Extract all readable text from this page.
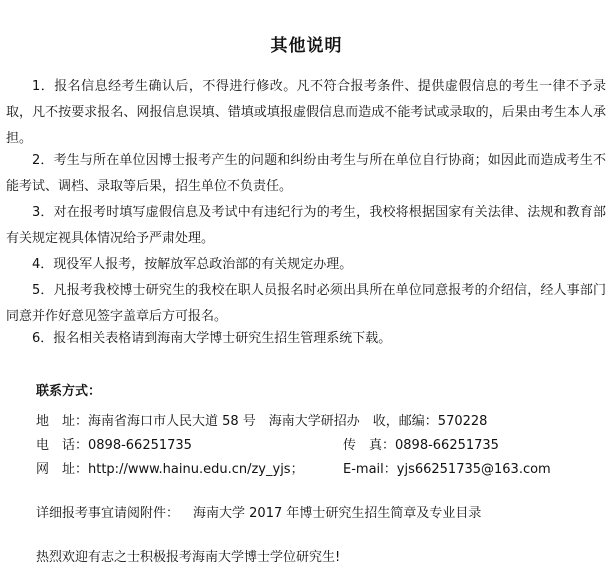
其他说明

1．报名信息经考生确认后，不得进行修改。凡不符合报考条件、提供虚假信息的考生一律不予录取，凡不按要求报名、网报信息误填、错填或填报虚假信息而造成不能考试或录取的，后果由考生本人承担。

2．考生与所在单位因博士报考产生的问题和纠纷由考生与所在单位自行协商；如因此而造成考生不能考试、调档、录取等后果，招生单位不负责任。

3．对在报考时填写虚假信息及考试中有违纪行为的考生，我校将根据国家有关法律、法规和教育部有关规定视具体情况给予严肃处理。

4．现役军人报考，按解放军总政治部的有关规定办理。

5．凡报考我校博士研究生的我校在职人员报名时必须出具所在单位同意报考的介绍信，经人事部门同意并作好意见签字盖章后方可报名。

6．报名相关表格请到海南大学博士研究生招生管理系统下载。

联系方式：
地　址：海南省海口市人民大道 58 号　海南大学研招办　收，邮编：570228
电　话：0898-66251735	传　真：0898-66251735
网　址：http://www.hainu.edu.cn/zy_yjs；	E-mail：yjs66251735@163.com
详细报考事宜请阅附件： 海南大学 2017 年博士研究生招生简章及专业目录
热烈欢迎有志之士积极报考海南大学博士学位研究生!
